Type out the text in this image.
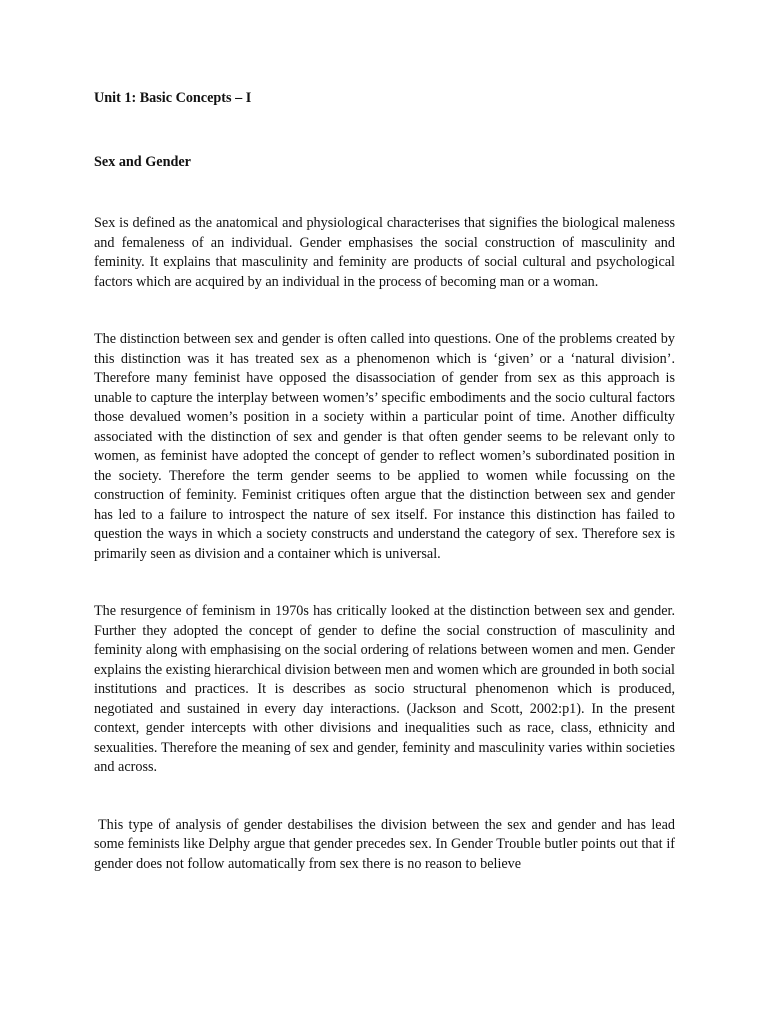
Unit 1: Basic Concepts – I

Sex and Gender

Sex is defined as the anatomical and physiological characterises that signifies the biological maleness and femaleness of an individual. Gender emphasises the social construction of masculinity and feminity. It explains that masculinity and feminity are products of social cultural and psychological factors which are acquired by an individual in the process of becoming man or a woman.

The distinction between sex and gender is often called into questions. One of the problems created by this distinction was it has treated sex as a phenomenon which is ‘given’ or a ‘natural division’. Therefore many feminist have opposed the disassociation of gender from sex as this approach is unable to capture the interplay between women’s’ specific embodiments and the socio cultural factors those devalued women’s position in a society within a particular point of time. Another difficulty associated with the distinction of sex and gender is that often gender seems to be relevant only to women, as feminist have adopted the concept of gender to reflect women’s subordinated position in the society. Therefore the term gender seems to be applied to women while focussing on the construction of feminity. Feminist critiques often argue that the distinction between sex and gender has led to a failure to introspect the nature of sex itself. For instance this distinction has failed to question the ways in which a society constructs and understand the category of sex. Therefore sex is primarily seen as division and a container which is universal.

The resurgence of feminism in 1970s has critically looked at the distinction between sex and gender. Further they adopted the concept of gender to define the social construction of masculinity and feminity along with emphasising on the social ordering of relations between women and men. Gender explains the existing hierarchical division between men and women which are grounded in both social institutions and practices. It is describes as socio structural phenomenon which is produced, negotiated and sustained in every day interactions. (Jackson and Scott, 2002:p1). In the present context, gender intercepts with other divisions and inequalities such as race, class, ethnicity and sexualities. Therefore the meaning of sex and gender, feminity and masculinity varies within societies and across.

This type of analysis of gender destabilises the division between the sex and gender and has lead some feminists like Delphy argue that gender precedes sex. In Gender Trouble butler points out that if gender does not follow automatically from sex there is no reason to believe
